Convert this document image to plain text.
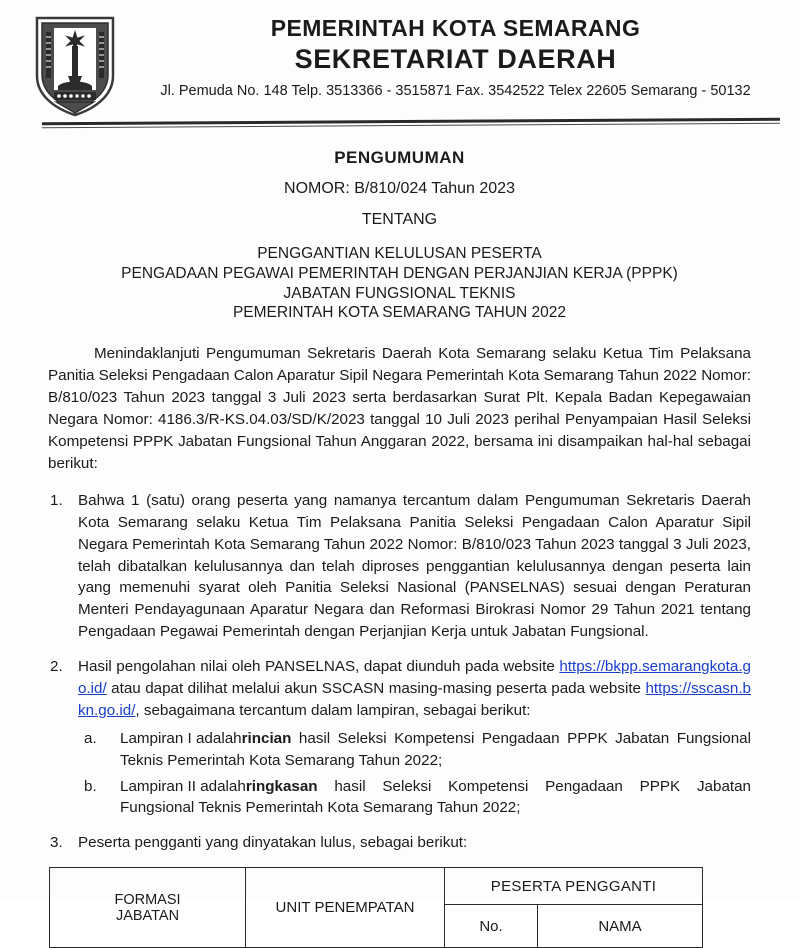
PEMERINTAH KOTA SEMARANG
SEKRETARIAT DAERAH
Jl. Pemuda No. 148 Telp. 3513366 - 3515871 Fax. 3542522 Telex 22605 Semarang - 50132
PENGUMUMAN
NOMOR: B/810/024 Tahun 2023
TENTANG
PENGGANTIAN KELULUSAN PESERTA
PENGADAAN PEGAWAI PEMERINTAH DENGAN PERJANJIAN KERJA (PPPK)
JABATAN FUNGSIONAL TEKNIS
PEMERINTAH KOTA SEMARANG TAHUN 2022

Menindaklanjuti Pengumuman Sekretaris Daerah Kota Semarang selaku Ketua Tim Pelaksana Panitia Seleksi Pengadaan Calon Aparatur Sipil Negara Pemerintah Kota Semarang Tahun 2022 Nomor: B/810/023 Tahun 2023 tanggal 3 Juli 2023 serta berdasarkan Surat Plt. Kepala Badan Kepegawaian Negara Nomor: 4186.3/R-KS.04.03/SD/K/2023 tanggal 10 Juli 2023 perihal Penyampaian Hasil Seleksi Kompetensi PPPK Jabatan Fungsional Tahun Anggaran 2022, bersama ini disampaikan hal-hal sebagai berikut:

1. Bahwa 1 (satu) orang peserta yang namanya tercantum dalam Pengumuman Sekretaris Daerah Kota Semarang selaku Ketua Tim Pelaksana Panitia Seleksi Pengadaan Calon Aparatur Sipil Negara Pemerintah Kota Semarang Tahun 2022 Nomor: B/810/023 Tahun 2023 tanggal 3 Juli 2023, telah dibatalkan kelulusannya dan telah diproses penggantian kelulusannya dengan peserta lain yang memenuhi syarat oleh Panitia Seleksi Nasional (PANSELNAS) sesuai dengan Peraturan Menteri Pendayagunaan Aparatur Negara dan Reformasi Birokrasi Nomor 29 Tahun 2021 tentang Pengadaan Pegawai Pemerintah dengan Perjanjian Kerja untuk Jabatan Fungsional.
2. Hasil pengolahan nilai oleh PANSELNAS, dapat diunduh pada website https://bkpp.semarangkota.go.id/ atau dapat dilihat melalui akun SSCASN masing-masing peserta pada website https://sscasn.bkn.go.id/, sebagaimana tercantum dalam lampiran, sebagai berikut:
a. Lampiran I adalahrincian hasil Seleksi Kompetensi Pengadaan PPPK Jabatan Fungsional Teknis Pemerintah Kota Semarang Tahun 2022;
b. Lampiran II adalahringkasan hasil Seleksi Kompetensi Pengadaan PPPK Jabatan Fungsional Teknis Pemerintah Kota Semarang Tahun 2022;
3. Peserta pengganti yang dinyatakan lulus, sebagai berikut:
FORMASI
JABATAN	UNIT PENEMPATAN	PESERTA PENGGANTI	
		No.	NAMA
